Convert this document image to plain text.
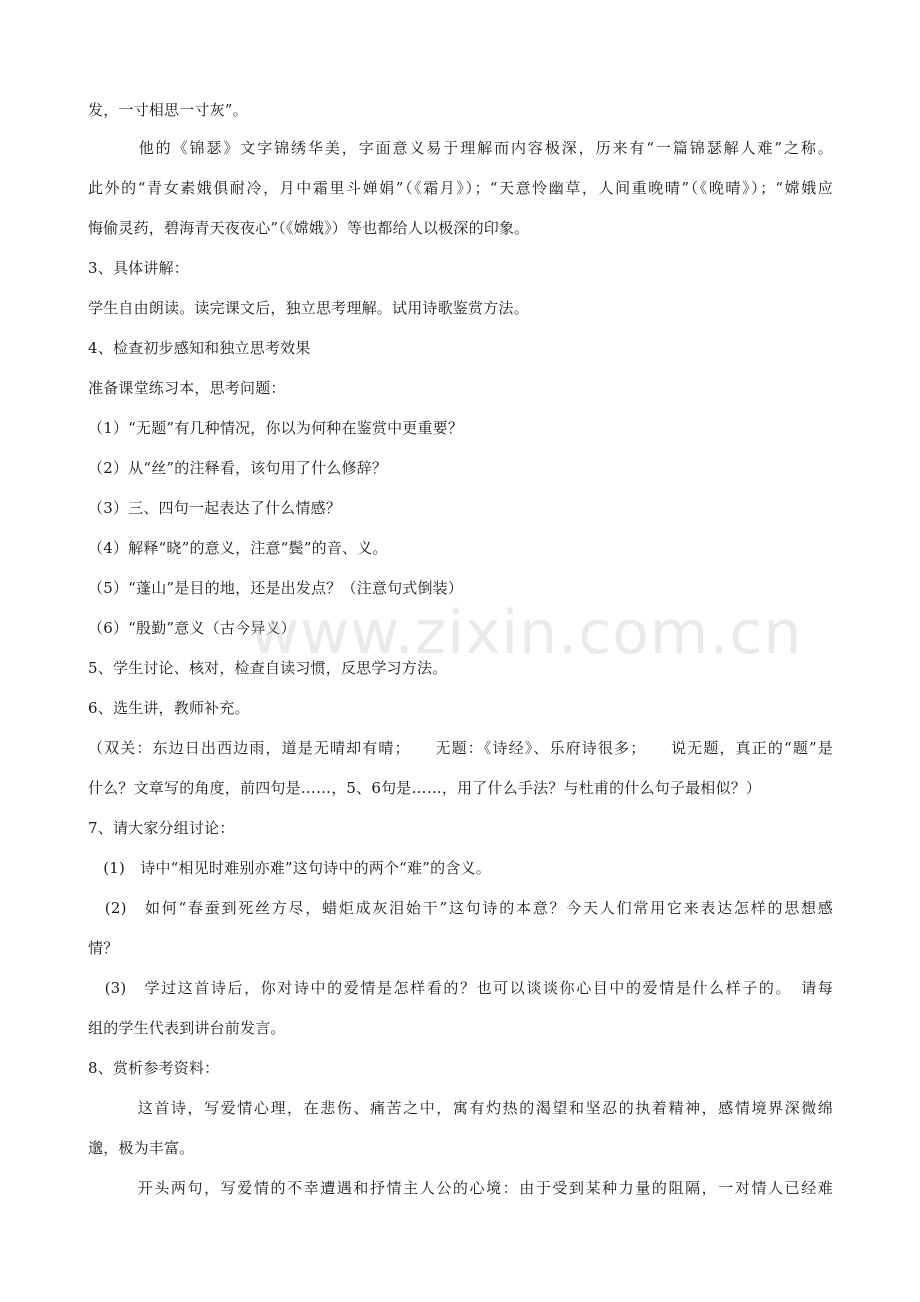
发，一寸相思一寸灰”。
　　　他的《锦瑟》文字锦绣华美，字面意义易于理解而内容极深，历来有“一篇锦瑟解人难”之称。
此外的“青女素娥俱耐冷，月中霜里斗婵娟”（《霜月》）；“天意怜幽草，人间重晚晴”（《晚晴》）；“嫦娥应
悔偷灵药，碧海青天夜夜心”（《嫦娥》）等也都给人以极深的印象。
3、具体讲解：
学生自由朗读。读完课文后，独立思考理解。试用诗歌鉴赏方法。
4、检查初步感知和独立思考效果
准备课堂练习本，思考问题：
（1）“无题”有几种情况，你以为何种在鉴赏中更重要？
（2）从“丝”的注释看，该句用了什么修辞？
（3）三、四句一起表达了什么情感？
（4）解释“晓”的意义，注意“鬓”的音、义。
（5）“蓬山”是目的地，还是出发点？（注意句式倒装）
（6）“殷勤”意义（古今异义）
5、学生讨论、核对，检查自读习惯，反思学习方法。
6、选生讲，教师补充。
（双关：东边日出西边雨，道是无晴却有晴；　　无题：《诗经》、乐府诗很多；　　说无题，真正的“题”是
什么？文章写的角度，前四句是……，5、6句是……，用了什么手法？与杜甫的什么句子最相似？）
7、请大家分组讨论：
　(1)　诗中“相见时难别亦难”这句诗中的两个“难”的含义。
　(2)　如何“春蚕到死丝方尽，蜡炬成灰泪始干”这句诗的本意？今天人们常用它来表达怎样的思想感
情？
　(3)　学过这首诗后，你对诗中的爱情是怎样看的？也可以谈谈你心目中的爱情是什么样子的。　请每
组的学生代表到讲台前发言。
8、赏析参考资料：
　　　这首诗，写爱情心理，在悲伤、痛苦之中，寓有灼热的渴望和坚忍的执着精神，感情境界深微绵
邈，极为丰富。
　　　开头两句，写爱情的不幸遭遇和抒情主人公的心境：由于受到某种力量的阻隔，一对情人已经难
www.zixin.com.cn
